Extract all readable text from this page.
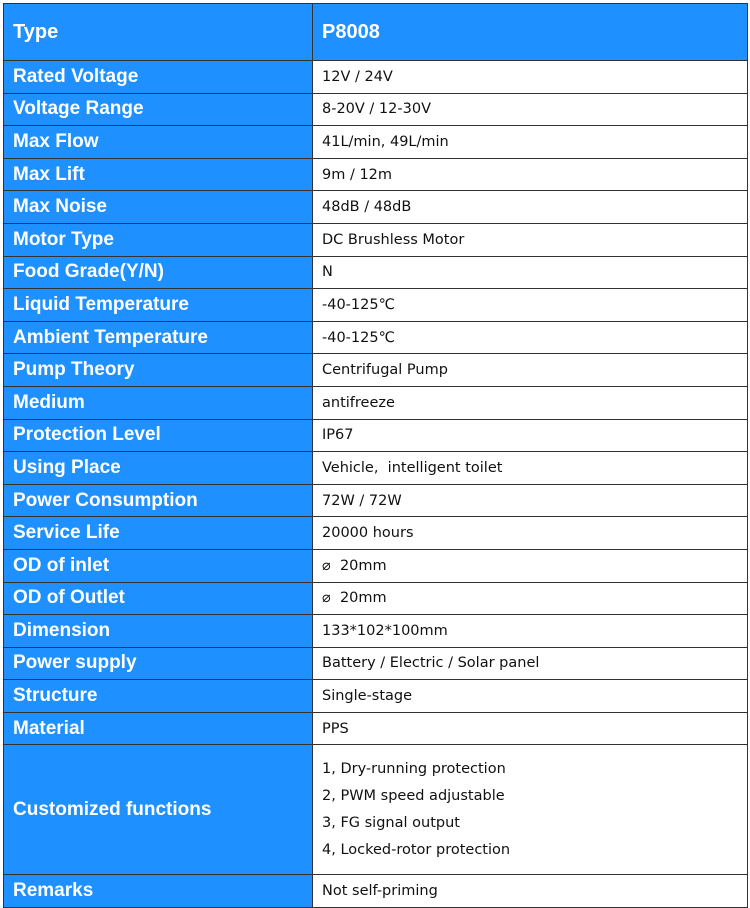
Type	P8008
Rated Voltage	12V / 24V
Voltage Range	8-20V / 12-30V
Max Flow	41L/min, 49L/min
Max Lift	9m / 12m
Max Noise	48dB / 48dB
Motor Type	DC Brushless Motor
Food Grade(Y/N)	N
Liquid Temperature	-40-125℃
Ambient Temperature	-40-125℃
Pump Theory	Centrifugal Pump
Medium	antifreeze
Protection Level	IP67
Using Place	Vehicle,  intelligent toilet
Power Consumption	72W / 72W
Service Life	20000 hours
OD of inlet	⌀  20mm
OD of Outlet	⌀  20mm
Dimension	133*102*100mm
Power supply	Battery / Electric / Solar panel
Structure	Single-stage
Material	PPS
Customized functions	1, Dry-running protection
2, PWM speed adjustable
3, FG signal output
4, Locked-rotor protection

Remarks	Not self-priming
